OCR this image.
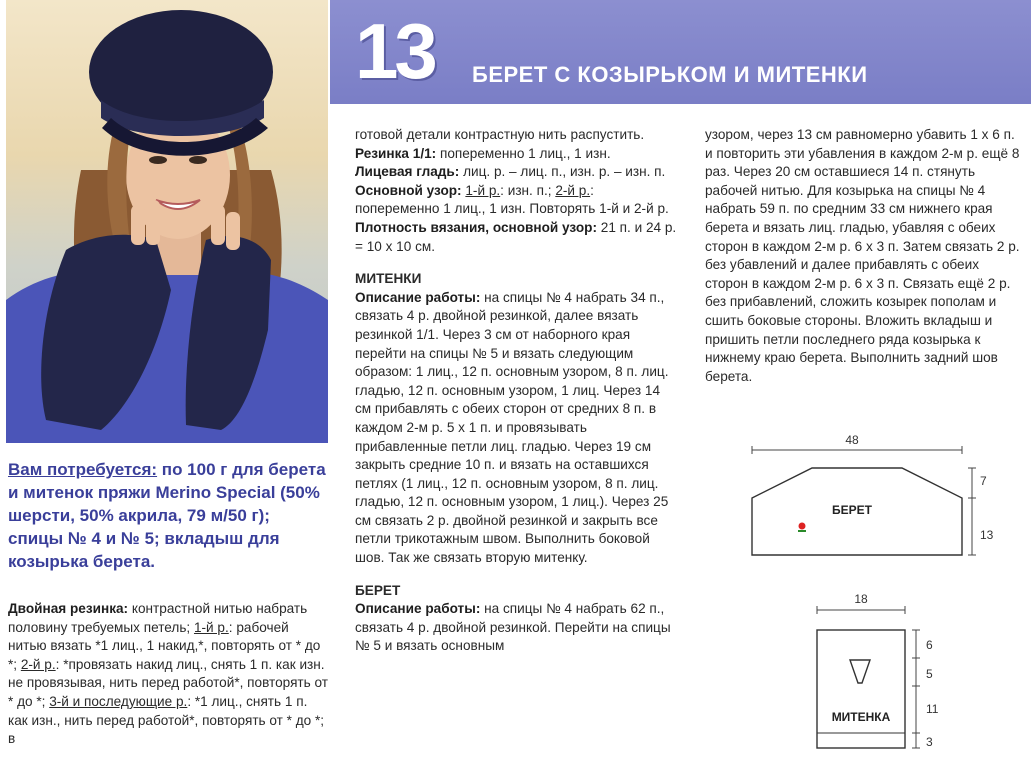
13 БЕРЕТ С КОЗЫРЬКОМ И МИТЕНКИ
Вам потребуется: по 100 г для берета и митенок пряжи Merino Special (50% шерсти, 50% акрила, 79 м/50 г); спицы № 4 и № 5; вкладыш для козырька берета.

Двойная резинка: контрастной нитью набрать половину требуемых петель; 1-й р.: рабочей нитью вязать *1 лиц., 1 накид,*, повторять от * до *; 2-й р.: *провязать накид лиц., снять 1 п. как изн. не провязывая, нить перед работой*, повторять от * до *; 3-й и последующие р.: *1 лиц., снять 1 п. как изн., нить перед работой*, повторять от * до *; в

готовой детали контрастную нить распустить.

Резинка 1/1: попеременно 1 лиц., 1 изн.

Лицевая гладь: лиц. р. – лиц. п., изн. р. – изн. п.

Основной узор: 1-й р.: изн. п.; 2-й р.: попеременно 1 лиц., 1 изн. Повторять 1-й и 2-й р.

Плотность вязания, основной узор: 21 п. и 24 р. = 10 х 10 см.

МИТЕНКИ

Описание работы: на спицы № 4 набрать 34 п., связать 4 р. двойной резинкой, далее вязать резинкой 1/1. Через 3 см от наборного края перейти на спицы № 5 и вязать следующим образом: 1 лиц., 12 п. основным узором, 8 п. лиц. гладью, 12 п. основным узором, 1 лиц. Через 14 см прибавлять с обеих сторон от средних 8 п. в каждом 2-м р. 5 х 1 п. и провязывать прибавленные петли лиц. гладью. Через 19 см закрыть средние 10 п. и вязать на оставшихся петлях (1 лиц., 12 п. основным узором, 8 п. лиц. гладью, 12 п. основным узором, 1 лиц.). Через 25 см связать 2 р. двойной резинкой и закрыть все петли трикотажным швом. Выполнить боковой шов. Так же связать вторую митенку.

БЕРЕТ

Описание работы: на спицы № 4 набрать 62 п., связать 4 р. двойной резинкой. Перейти на спицы № 5 и вязать основным

узором, через 13 см равномерно убавить 1 х 6 п. и повторить эти убавления в каждом 2-м р. ещё 8 раз. Через 20 см оставшиеся 14 п. стянуть рабочей нитью. Для козырька на спицы № 4 набрать 59 п. по средним 33 см нижнего края берета и вязать лиц. гладью, убавляя с обеих сторон в каждом 2-м р. 6 х 3 п. Затем связать 2 р. без убавлений и далее прибавлять с обеих сторон в каждом 2-м р. 6 х 3 п. Связать ещё 2 р. без прибавлений, сложить козырек пополам и сшить боковые стороны. Вложить вкладыш и пришить петли последнего ряда козырька к нижнему краю берета. Выполнить задний шов берета.

48
БЕРЕТ
7
13
18
МИТЕНКА
6
5
11
3
